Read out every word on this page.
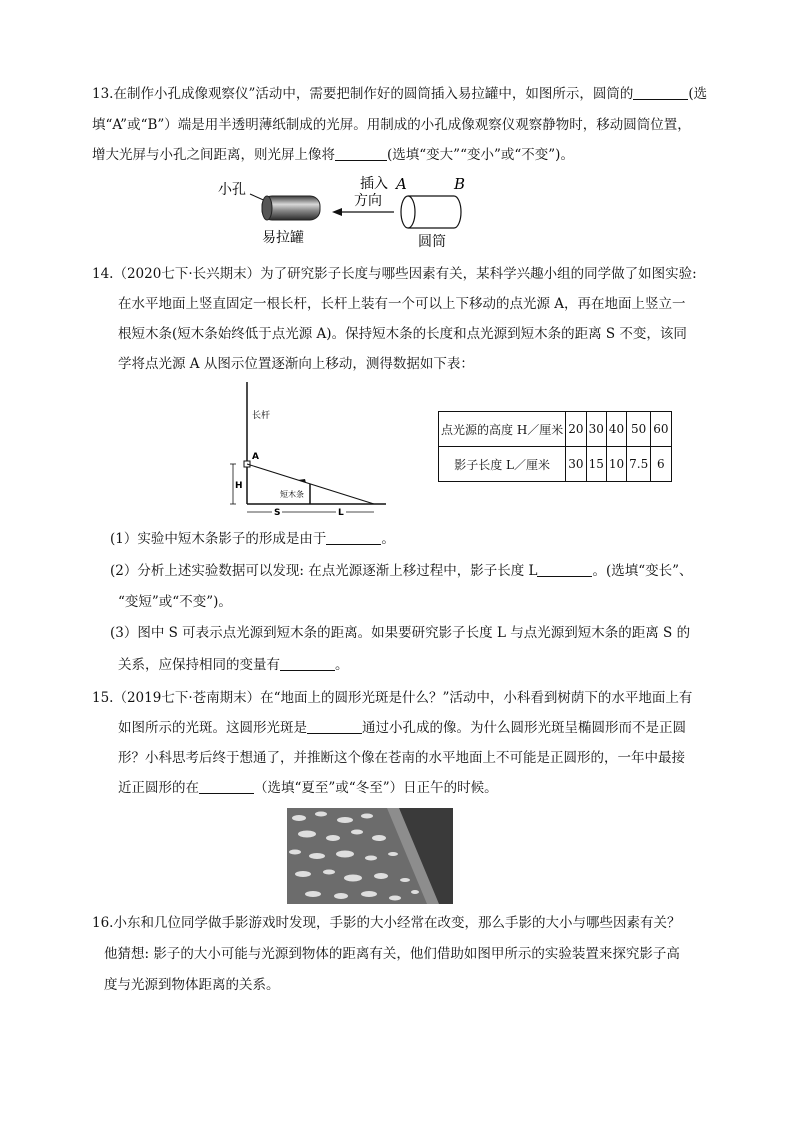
13.在制作小孔成像观察仪”活动中，需要把制作好的圆筒插入易拉罐中，如图所示，圆筒的	(选
填“A”或“B”）端是用半透明薄纸制成的光屏。用制成的小孔成像观察仪观察静物时，移动圆筒位置，
增大光屏与小孔之间距离，则光屏上像将	(选填“变大”“变小”或“不变”)。
小孔
易拉罐
插入
方向
A	B
圆筒
14.（2020七下·长兴期末）为了研究影子长度与哪些因素有关，某科学兴趣小组的同学做了如图实验:
在水平地面上竖直固定一根长杆，长杆上装有一个可以上下移动的点光源 A，再在地面上竖立一
根短木条(短木条始终低于点光源 A)。保持短木条的长度和点光源到短木条的距离 S 不变，该同
学将点光源 A 从图示位置逐渐向上移动，测得数据如下表：
长杆
A
短木条
H
S	L
点光源的高度 H／厘米	20	30	40	50	60
影子长度 L／厘米	30	15	10	7.5	6
(1）实验中短木条影子的形成是由于	。
(2）分析上述实验数据可以发现: 在点光源逐渐上移过程中，影子长度 L	。(选填“变长”、
“变短”或“不变”)。
(3）图中 S 可表示点光源到短木条的距离。如果要研究影子长度 L 与点光源到短木条的距离 S 的
关系，应保持相同的变量有	。
15.（2019七下·苍南期末）在“地面上的圆形光斑是什么？”活动中，小科看到树荫下的水平地面上有
如图所示的光斑。这圆形光斑是	通过小孔成的像。为什么圆形光斑呈椭圆形而不是正圆
形？小科思考后终于想通了，并推断这个像在苍南的水平地面上不可能是正圆形的，一年中最接
近正圆形的在	（选填“夏至”或“冬至”）日正午的时候。
16.小东和几位同学做手影游戏时发现，手影的大小经常在改变，那么手影的大小与哪些因素有关？
他猜想: 影子的大小可能与光源到物体的距离有关，他们借助如图甲所示的实验装置来探究影子高
度与光源到物体距离的关系。
